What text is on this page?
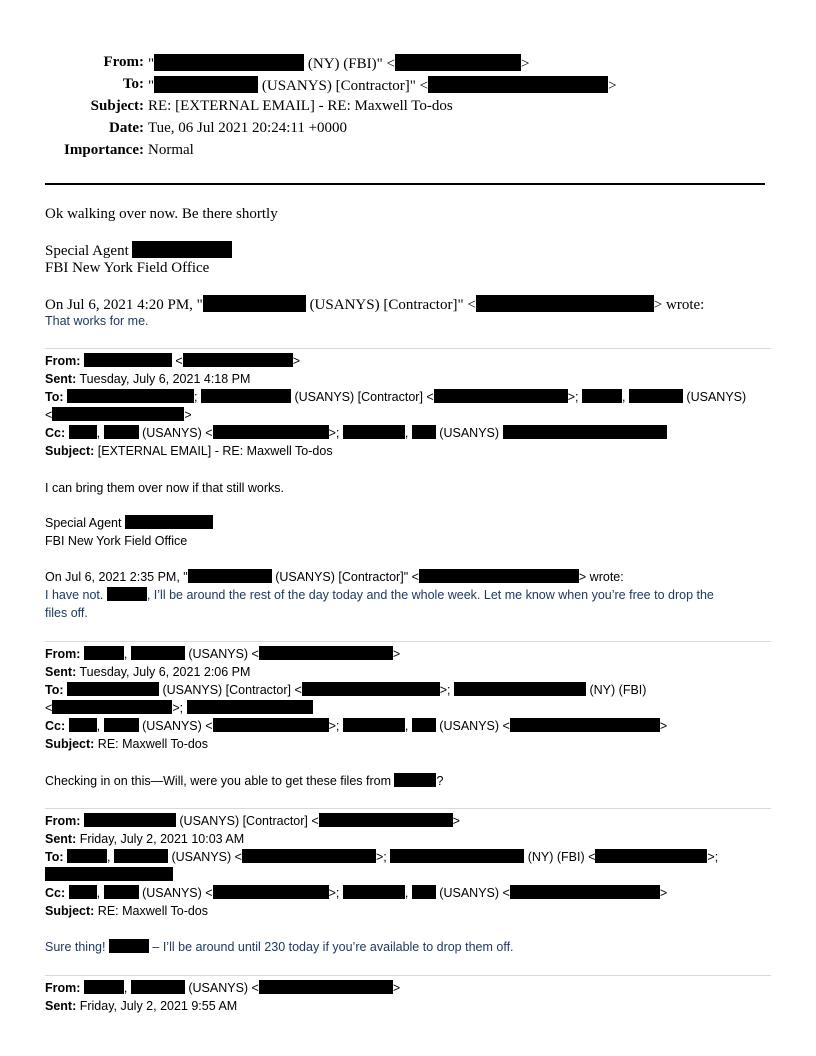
From: "	(NY) (FBI)" <	>
To: "	(USANYS) [Contractor]" <	>
Subject: RE: [EXTERNAL EMAIL] - RE: Maxwell To-dos
Date: Tue, 06 Jul 2021 20:24:11 +0000
Importance: Normal
Ok walking over now. Be there shortly
Special Agent
FBI New York Field Office
On Jul 6, 2021 4:20 PM, "	(USANYS) [Contractor]" <	> wrote:
That works for me.
From:	<	>
Sent: Tuesday, July 6, 2021 4:18 PM
To:	;	(USANYS) [Contractor] <	>;	,	(USANYS)
<	>
Cc:	,	(USANYS) <	>;	,  (USANYS)
Subject: [EXTERNAL EMAIL] - RE: Maxwell To-dos
I can bring them over now if that still works.
Special Agent
FBI New York Field Office
On Jul 6, 2021 2:35 PM, "	(USANYS) [Contractor]" <	> wrote:
I have not.	, I’ll be around the rest of the day today and the whole week. Let me know when you’re free to drop the
files off.
From:	,	(USANYS) <	>
Sent: Tuesday, July 6, 2021 2:06 PM
To:	(USANYS) [Contractor] <	>;	(NY) (FBI)
<	>;
Cc:	,	(USANYS) <	>;	,  (USANYS) <	>
Subject: RE: Maxwell To-dos
Checking in on this—Will, were you able to get these files from	?
From:	(USANYS) [Contractor] <	>
Sent: Friday, July 2, 2021 10:03 AM
To:	,	(USANYS) <	>;	(NY) (FBI) <	>;
Cc:	,	(USANYS) <	>;	,  (USANYS) <	>
Subject: RE: Maxwell To-dos
Sure thing!	– I’ll be around until 230 today if you’re available to drop them off.
From:	,	(USANYS) <	>
Sent: Friday, July 2, 2021 9:55 AM
